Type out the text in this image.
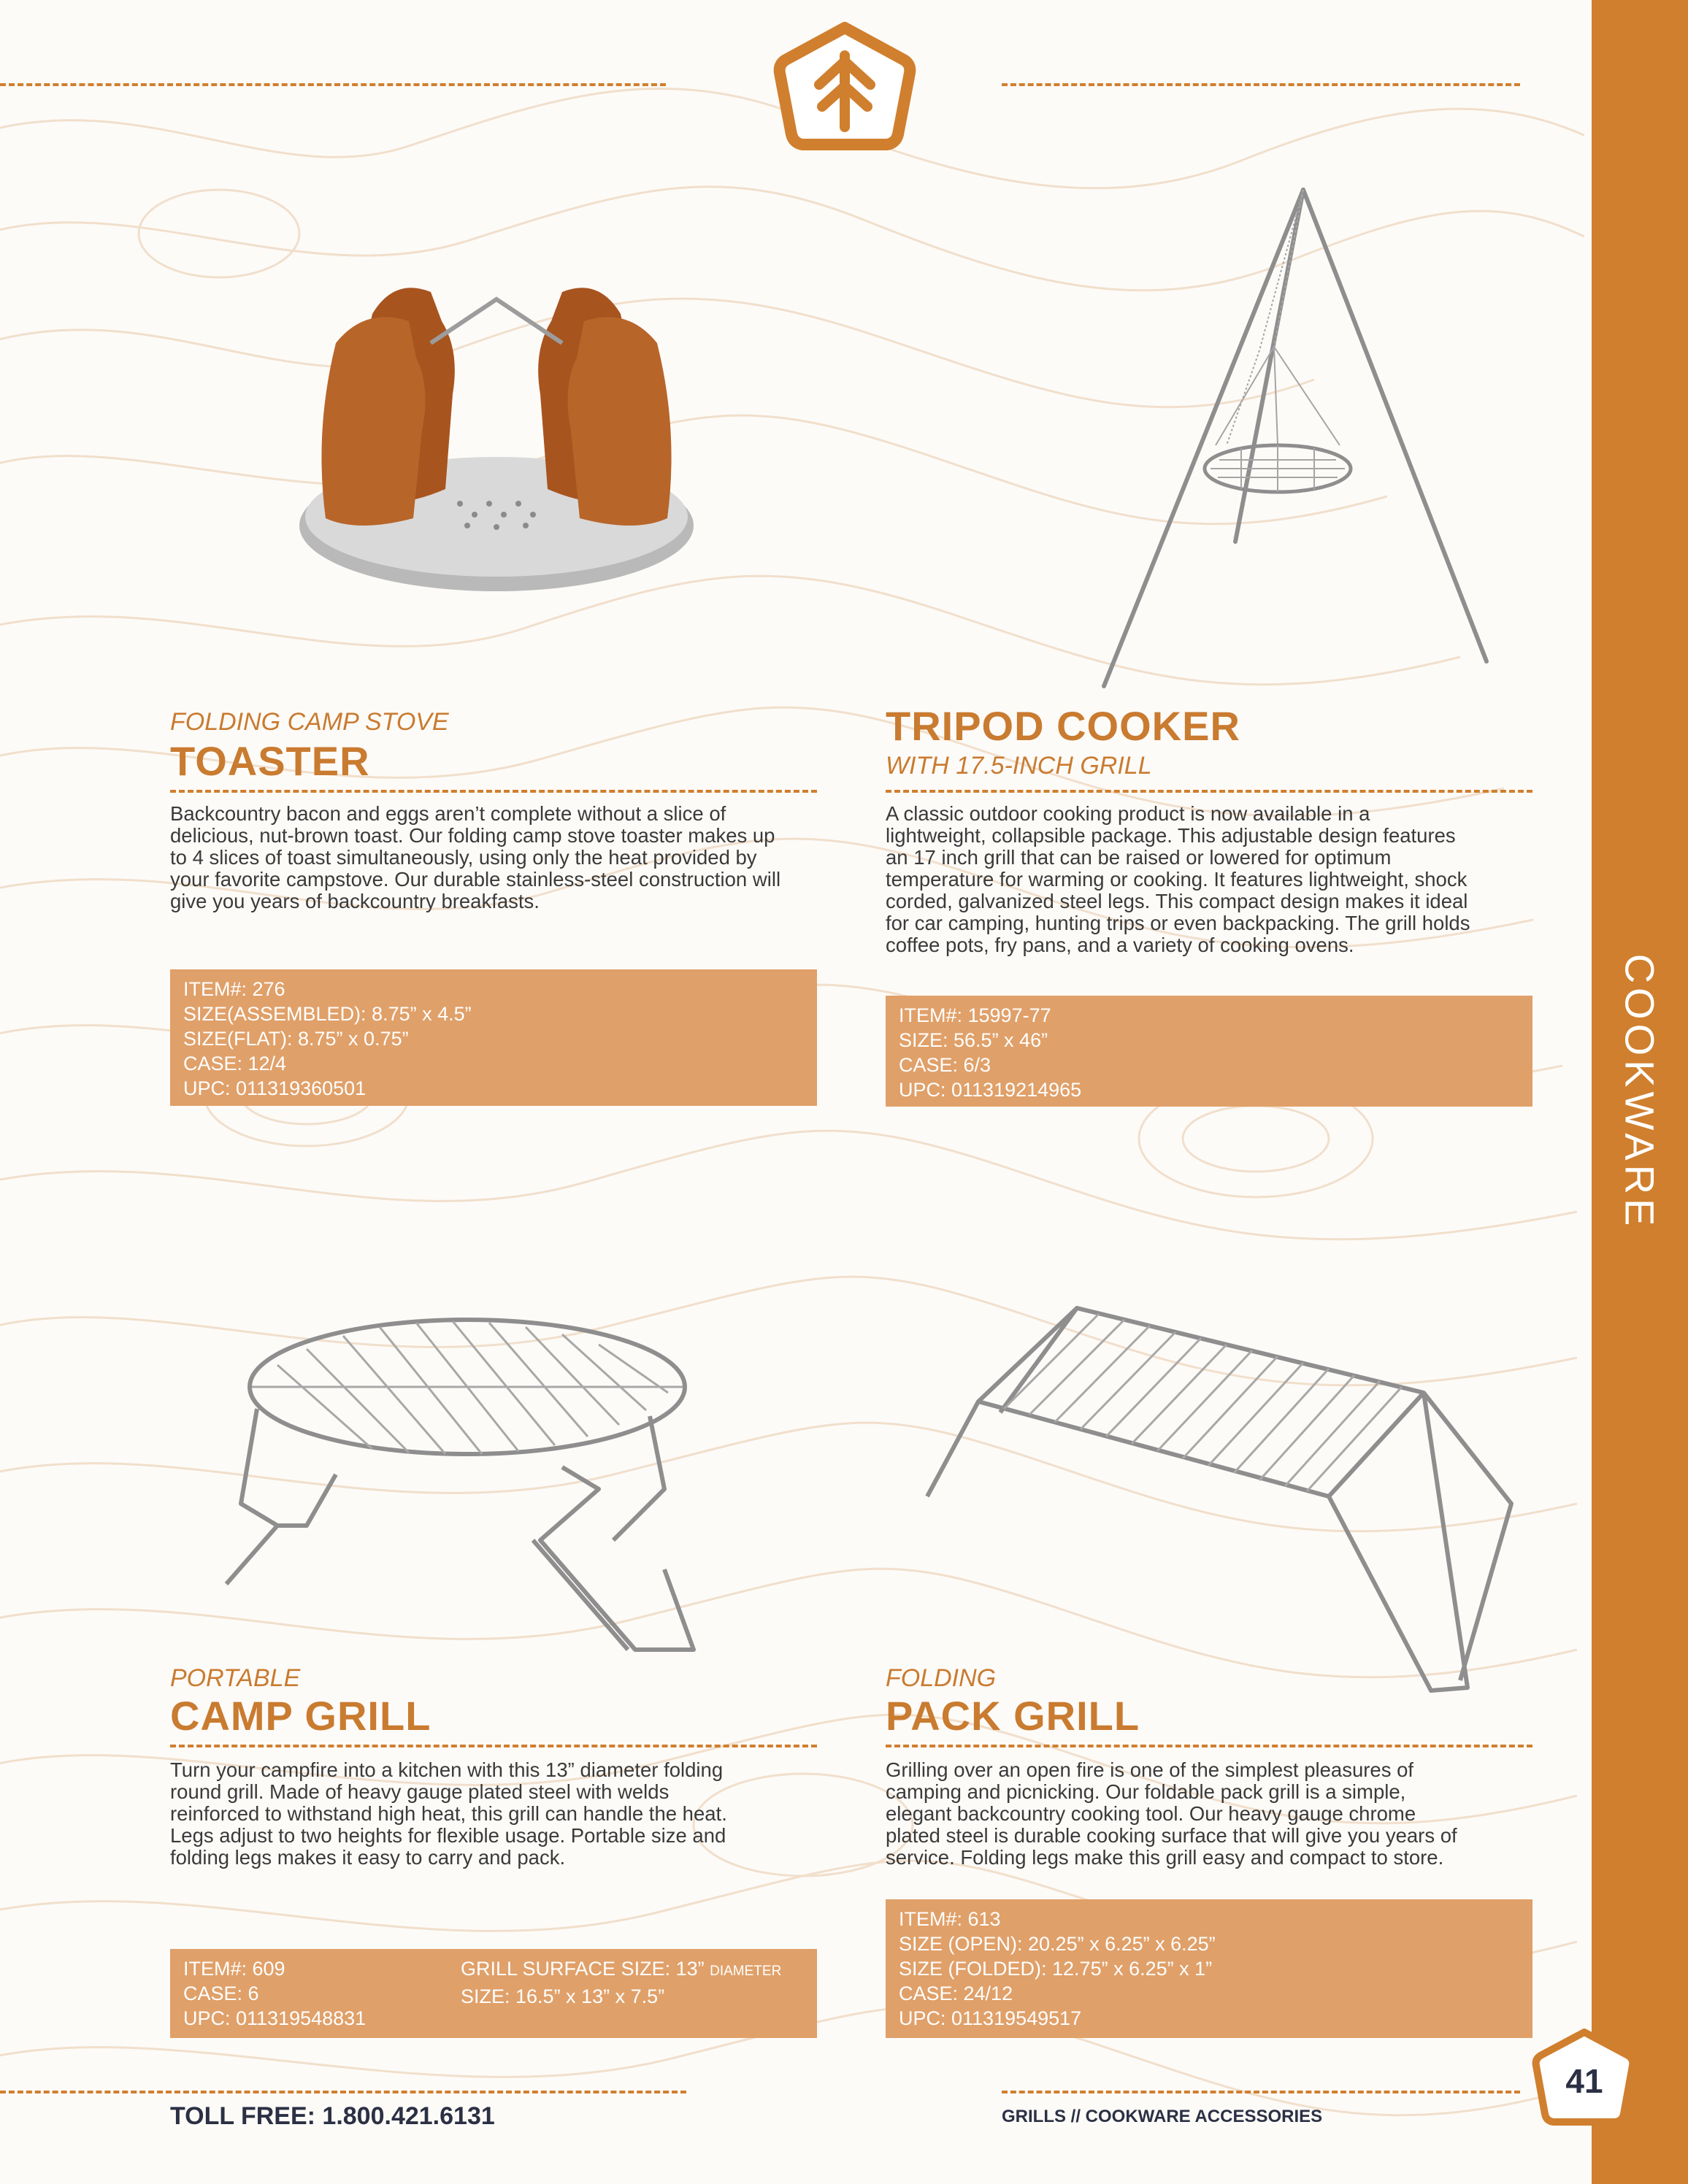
COOKWARE
FOLDING CAMP STOVE
TOASTER
Backcountry bacon and eggs aren’t complete without a slice of
delicious, nut-brown toast. Our folding camp stove toaster makes up
to 4 slices of toast simultaneously, using only the heat provided by
your favorite campstove. Our durable stainless-steel construction will
give you years of backcountry breakfasts.
ITEM#: 276
SIZE(ASSEMBLED): 8.75” x 4.5”
SIZE(FLAT): 8.75” x 0.75”
CASE: 12/4
UPC: 011319360501
TRIPOD COOKER
WITH 17.5-INCH GRILL
A classic outdoor cooking product is now available in a
lightweight, collapsible package. This adjustable design features
an 17 inch grill that can be raised or lowered for optimum
temperature for warming or cooking. It features lightweight, shock
corded, galvanized steel legs. This compact design makes it ideal
for car camping, hunting trips or even backpacking. The grill holds
coffee pots, fry pans, and a variety of cooking ovens.
ITEM#: 15997-77
SIZE: 56.5” x 46”
CASE: 6/3
UPC: 011319214965
PORTABLE
CAMP GRILL
Turn your campfire into a kitchen with this 13” diameter folding
round grill. Made of heavy gauge plated steel with welds
reinforced to withstand high heat, this grill can handle the heat.
Legs adjust to two heights for flexible usage. Portable size and
folding legs makes it easy to carry and pack.
ITEM#: 609
CASE: 6
UPC: 011319548831
GRILL SURFACE SIZE: 13” DIAMETER
SIZE: 16.5” x 13” x 7.5”
FOLDING
PACK GRILL
Grilling over an open fire is one of the simplest pleasures of
camping and picnicking. Our foldable pack grill is a simple,
elegant backcountry cooking tool. Our heavy gauge chrome
plated steel is durable cooking surface that will give you years of
service. Folding legs make this grill easy and compact to store.
ITEM#: 613
SIZE (OPEN): 20.25” x 6.25” x 6.25”
SIZE (FOLDED): 12.75” x 6.25” x 1”
CASE: 24/12
UPC: 011319549517
TOLL FREE: 1.800.421.6131	GRILLS // COOKWARE ACCESSORIES
41
